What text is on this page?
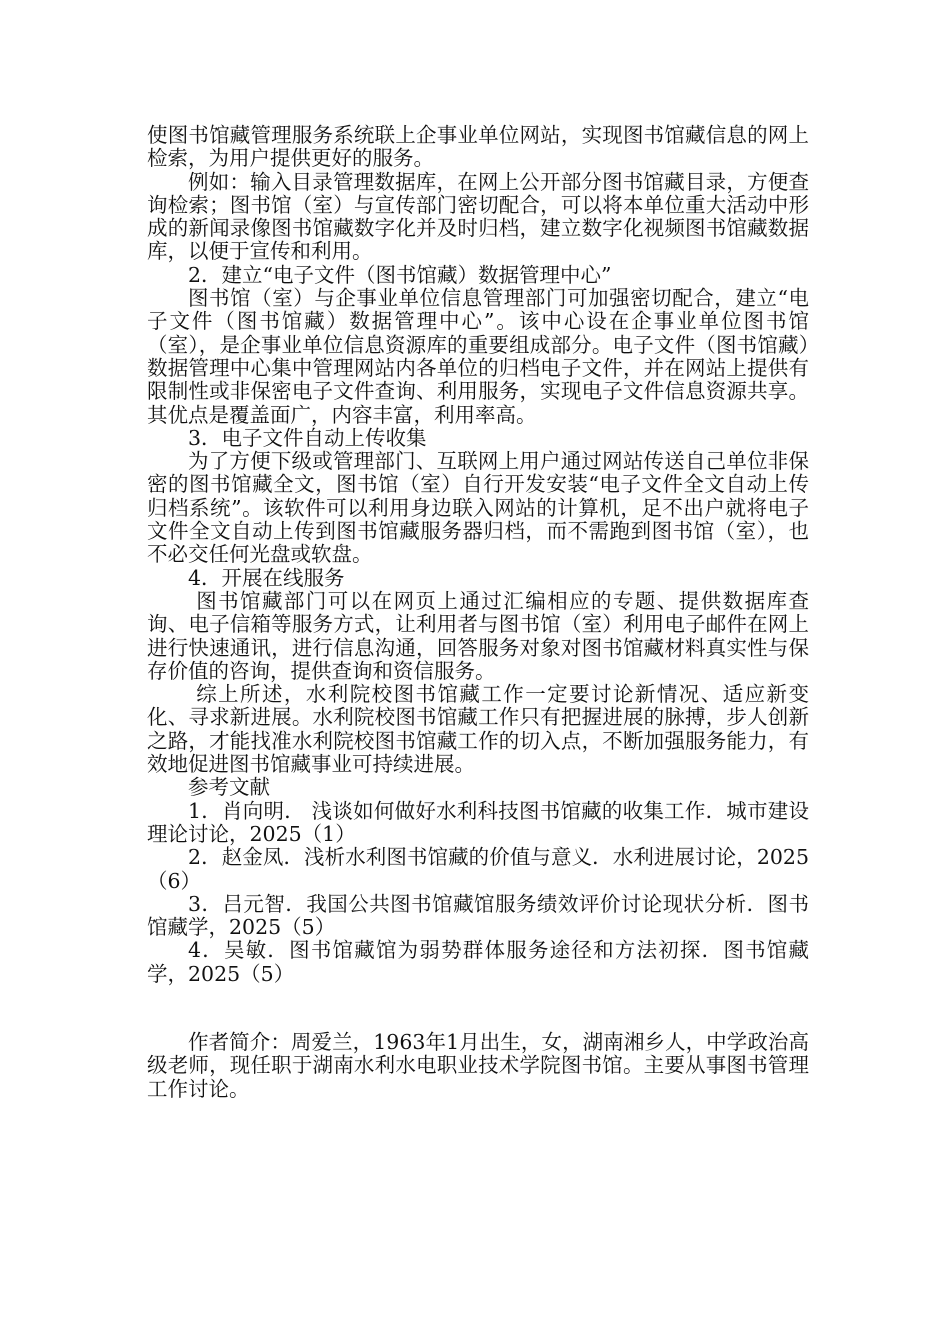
使图书馆藏管理服务系统联上企事业单位网站，实现图书馆藏信息的网上检索，为用户提供更好的服务。

例如：输入目录管理数据库，在网上公开部分图书馆藏目录，方便查询检索；图书馆（室）与宣传部门密切配合，可以将本单位重大活动中形成的新闻录像图书馆藏数字化并及时归档，建立数字化视频图书馆藏数据库，以便于宣传和利用。

2．建立“电子文件（图书馆藏）数据管理中心”

图书馆（室）与企事业单位信息管理部门可加强密切配合，建立“电子文件（图书馆藏）数据管理中心”。该中心设在企事业单位图书馆（室），是企事业单位信息资源库的重要组成部分。电子文件（图书馆藏）数据管理中心集中管理网站内各单位的归档电子文件，并在网站上提供有限制性或非保密电子文件查询、利用服务，实现电子文件信息资源共享。其优点是覆盖面广，内容丰富，利用率高。

3．电子文件自动上传收集

为了方便下级或管理部门、互联网上用户通过网站传送自己单位非保密的图书馆藏全文，图书馆（室）自行开发安装“电子文件全文自动上传归档系统”。该软件可以利用身边联入网站的计算机，足不出户就将电子文件全文自动上传到图书馆藏服务器归档，而不需跑到图书馆（室），也不必交任何光盘或软盘。

4．开展在线服务

图书馆藏部门可以在网页上通过汇编相应的专题、提供数据库查询、电子信箱等服务方式，让利用者与图书馆（室）利用电子邮件在网上进行快速通讯，进行信息沟通，回答服务对象对图书馆藏材料真实性与保存价值的咨询，提供查询和资信服务。

综上所述，水利院校图书馆藏工作一定要讨论新情况、适应新变化、寻求新进展。水利院校图书馆藏工作只有把握进展的脉搏，步人创新之路，才能找准水利院校图书馆藏工作的切入点，不断加强服务能力，有效地促进图书馆藏事业可持续进展。

参考文献

1．肖向明． 浅谈如何做好水利科技图书馆藏的收集工作．城市建设理论讨论，2025（1）

2．赵金凤．浅析水利图书馆藏的价值与意义．水利进展讨论，2025（6）

3．吕元智．我国公共图书馆藏馆服务绩效评价讨论现状分析．图书馆藏学，2025（5）

4．吴敏．图书馆藏馆为弱势群体服务途径和方法初探．图书馆藏学，2025（5）

作者简介：周爱兰，1963年1月出生，女，湖南湘乡人，中学政治高级老师，现任职于湖南水利水电职业技术学院图书馆。主要从事图书管理工作讨论。
